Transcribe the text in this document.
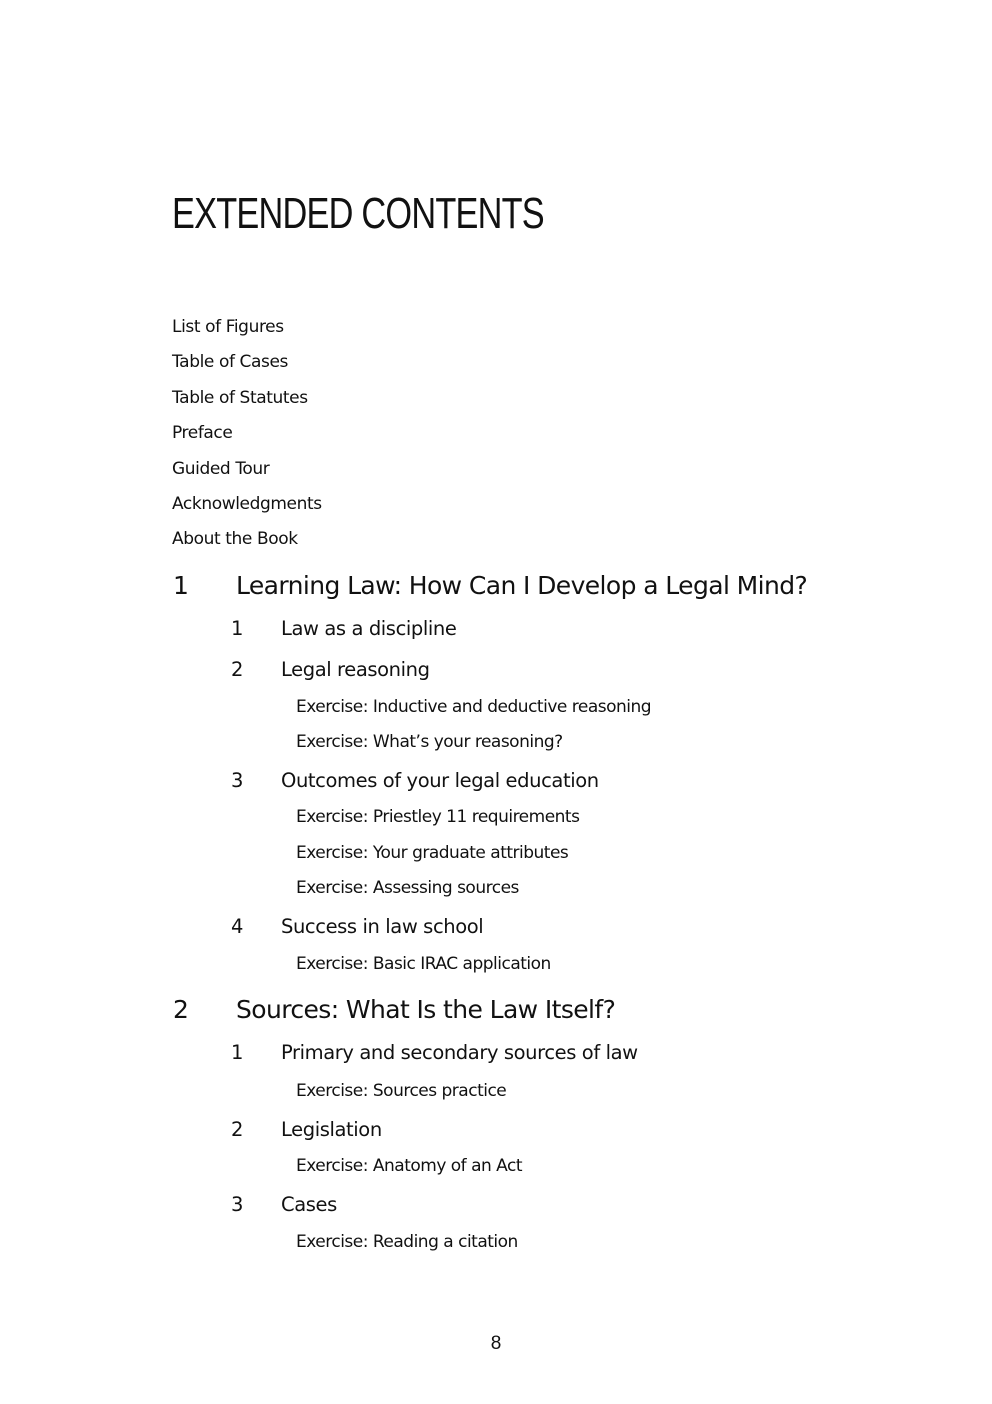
EXTENDED CONTENTS
List of Figures
Table of Cases
Table of Statutes
Preface
Guided Tour
Acknowledgments
About the Book
1 Learning Law: How Can I Develop a Legal Mind?
1 Law as a discipline
2 Legal reasoning
Exercise: Inductive and deductive reasoning
Exercise: What’s your reasoning?
3 Outcomes of your legal education
Exercise: Priestley 11 requirements
Exercise: Your graduate attributes
Exercise: Assessing sources
4 Success in law school
Exercise: Basic IRAC application
2 Sources: What Is the Law Itself?
1 Primary and secondary sources of law
Exercise: Sources practice
2 Legislation
Exercise: Anatomy of an Act
3 Cases
Exercise: Reading a citation
8
